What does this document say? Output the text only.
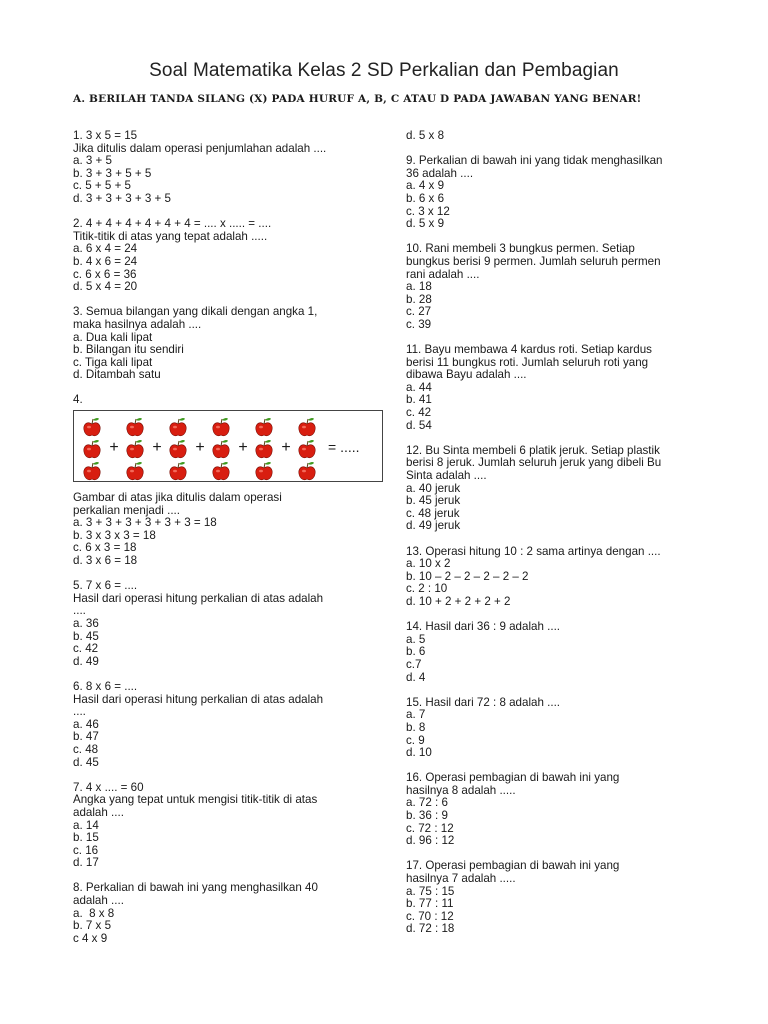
Soal Matematika Kelas 2 SD Perkalian dan Pembagian
A. BERILAH TANDA SILANG (X) PADA HURUF A, B, C ATAU D PADA JAWABAN YANG BENAR!
1. 3 x 5 = 15
Jika ditulis dalam operasi penjumlahan adalah ....
a. 3 + 5
b. 3 + 3 + 5 + 5
c. 5 + 5 + 5
d. 3 + 3 + 3 + 3 + 5
2. 4 + 4 + 4 + 4 + 4 + 4 = .... x ..... = ....
Titik-titik di atas yang tepat adalah .....
a. 6 x 4 = 24
b. 4 x 6 = 24
c. 6 x 6 = 36
d. 5 x 4 = 20
3. Semua bilangan yang dikali dengan angka 1,
maka hasilnya adalah ....
a. Dua kali lipat
b. Bilangan itu sendiri
c. Tiga kali lipat
d. Ditambah satu
4.
+ + + + +	= .....
Gambar di atas jika ditulis dalam operasi
perkalian menjadi ....
a. 3 + 3 + 3 + 3 + 3 + 3 = 18
b. 3 x 3 x 3 = 18
c. 6 x 3 = 18
d. 3 x 6 = 18
5. 7 x 6 = ....
Hasil dari operasi hitung perkalian di atas adalah
....
a. 36
b. 45
c. 42
d. 49
6. 8 x 6 = ....
Hasil dari operasi hitung perkalian di atas adalah
....
a. 46
b. 47
c. 48
d. 45
7. 4 x .... = 60
Angka yang tepat untuk mengisi titik-titik di atas
adalah ....
a. 14
b. 15
c. 16
d. 17
8. Perkalian di bawah ini yang menghasilkan 40
adalah ....
a.  8 x 8
b. 7 x 5
c 4 x 9
d. 5 x 8
9. Perkalian di bawah ini yang tidak menghasilkan
36 adalah ....
a. 4 x 9
b. 6 x 6
c. 3 x 12
d. 5 x 9
10. Rani membeli 3 bungkus permen. Setiap
bungkus berisi 9 permen. Jumlah seluruh permen
rani adalah ....
a. 18
b. 28
c. 27
c. 39
11. Bayu membawa 4 kardus roti. Setiap kardus
berisi 11 bungkus roti. Jumlah seluruh roti yang
dibawa Bayu adalah ....
a. 44
b. 41
c. 42
d. 54
12. Bu Sinta membeli 6 platik jeruk. Setiap plastik
berisi 8 jeruk. Jumlah seluruh jeruk yang dibeli Bu
Sinta adalah ....
a. 40 jeruk
b. 45 jeruk
c. 48 jeruk
d. 49 jeruk
13. Operasi hitung 10 : 2 sama artinya dengan ....
a. 10 x 2
b. 10 – 2 – 2 – 2 – 2 – 2
c. 2 : 10
d. 10 + 2 + 2 + 2 + 2
14. Hasil dari 36 : 9 adalah ....
a. 5
b. 6
c.7
d. 4
15. Hasil dari 72 : 8 adalah ....
a. 7
b. 8
c. 9
d. 10
16. Operasi pembagian di bawah ini yang
hasilnya 8 adalah .....
a. 72 : 6
b. 36 : 9
c. 72 : 12
d. 96 : 12
17. Operasi pembagian di bawah ini yang
hasilnya 7 adalah .....
a. 75 : 15
b. 77 : 11
c. 70 : 12
d. 72 : 18
